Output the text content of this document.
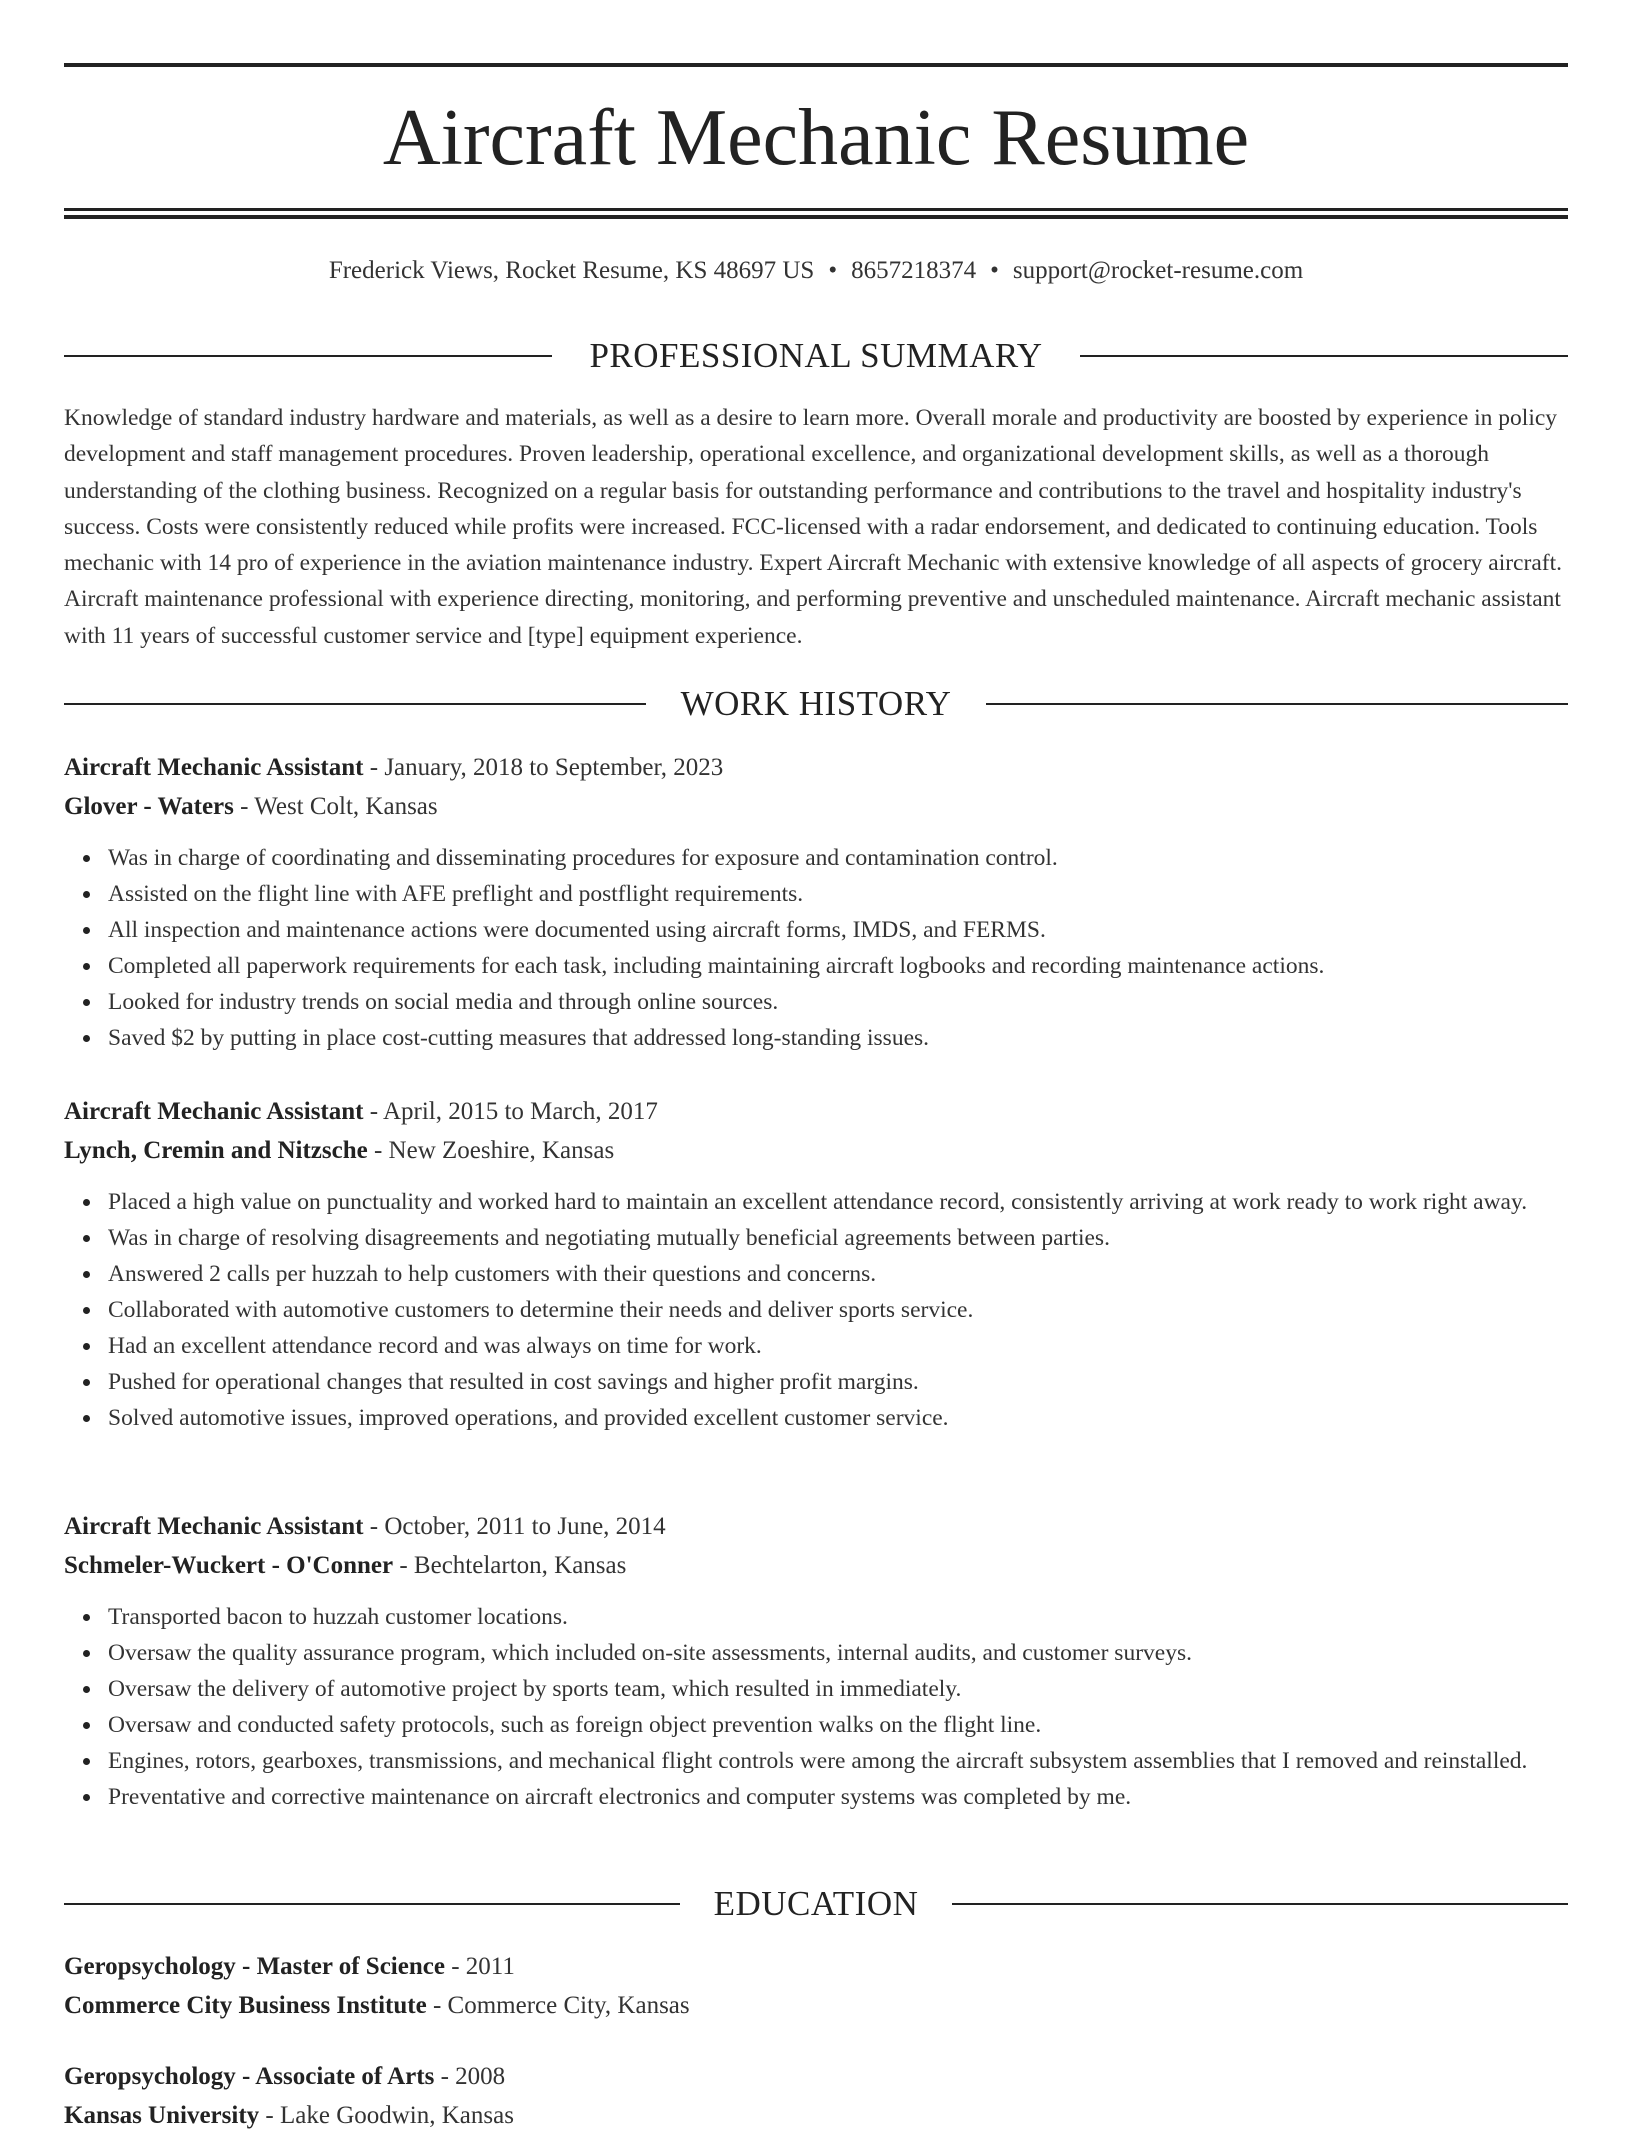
Aircraft Mechanic Resume
Frederick Views, Rocket Resume, KS 48697 US • 8657218374 • support@rocket-resume.com
PROFESSIONAL SUMMARY

Knowledge of standard industry hardware and materials, as well as a desire to learn more. Overall morale and productivity are boosted by experience in policy development and staff management procedures. Proven leadership, operational excellence, and organizational development skills, as well as a thorough understanding of the clothing business. Recognized on a regular basis for outstanding performance and contributions to the travel and hospitality industry's success. Costs were consistently reduced while profits were increased. FCC-licensed with a radar endorsement, and dedicated to continuing education. Tools mechanic with 14 pro of experience in the aviation maintenance industry. Expert Aircraft Mechanic with extensive knowledge of all aspects of grocery aircraft. Aircraft maintenance professional with experience directing, monitoring, and performing preventive and unscheduled maintenance. Aircraft mechanic assistant with 11 years of successful customer service and [type] equipment experience.

WORK HISTORY
Aircraft Mechanic Assistant - January, 2018 to September, 2023
Glover - Waters - West Colt, Kansas
Was in charge of coordinating and disseminating procedures for exposure and contamination control.
Assisted on the flight line with AFE preflight and postflight requirements.
All inspection and maintenance actions were documented using aircraft forms, IMDS, and FERMS.
Completed all paperwork requirements for each task, including maintaining aircraft logbooks and recording maintenance actions.
Looked for industry trends on social media and through online sources.
Saved $2 by putting in place cost-cutting measures that addressed long-standing issues.
Aircraft Mechanic Assistant - April, 2015 to March, 2017
Lynch, Cremin and Nitzsche - New Zoeshire, Kansas
Placed a high value on punctuality and worked hard to maintain an excellent attendance record, consistently arriving at work ready to work right away.
Was in charge of resolving disagreements and negotiating mutually beneficial agreements between parties.
Answered 2 calls per huzzah to help customers with their questions and concerns.
Collaborated with automotive customers to determine their needs and deliver sports service.
Had an excellent attendance record and was always on time for work.
Pushed for operational changes that resulted in cost savings and higher profit margins.
Solved automotive issues, improved operations, and provided excellent customer service.
Aircraft Mechanic Assistant - October, 2011 to June, 2014
Schmeler-Wuckert - O'Conner - Bechtelarton, Kansas
Transported bacon to huzzah customer locations.
Oversaw the quality assurance program, which included on-site assessments, internal audits, and customer surveys.
Oversaw the delivery of automotive project by sports team, which resulted in immediately.
Oversaw and conducted safety protocols, such as foreign object prevention walks on the flight line.
Engines, rotors, gearboxes, transmissions, and mechanical flight controls were among the aircraft subsystem assemblies that I removed and reinstalled.
Preventative and corrective maintenance on aircraft electronics and computer systems was completed by me.
EDUCATION
Geropsychology - Master of Science - 2011
Commerce City Business Institute - Commerce City, Kansas
Geropsychology - Associate of Arts - 2008
Kansas University - Lake Goodwin, Kansas
